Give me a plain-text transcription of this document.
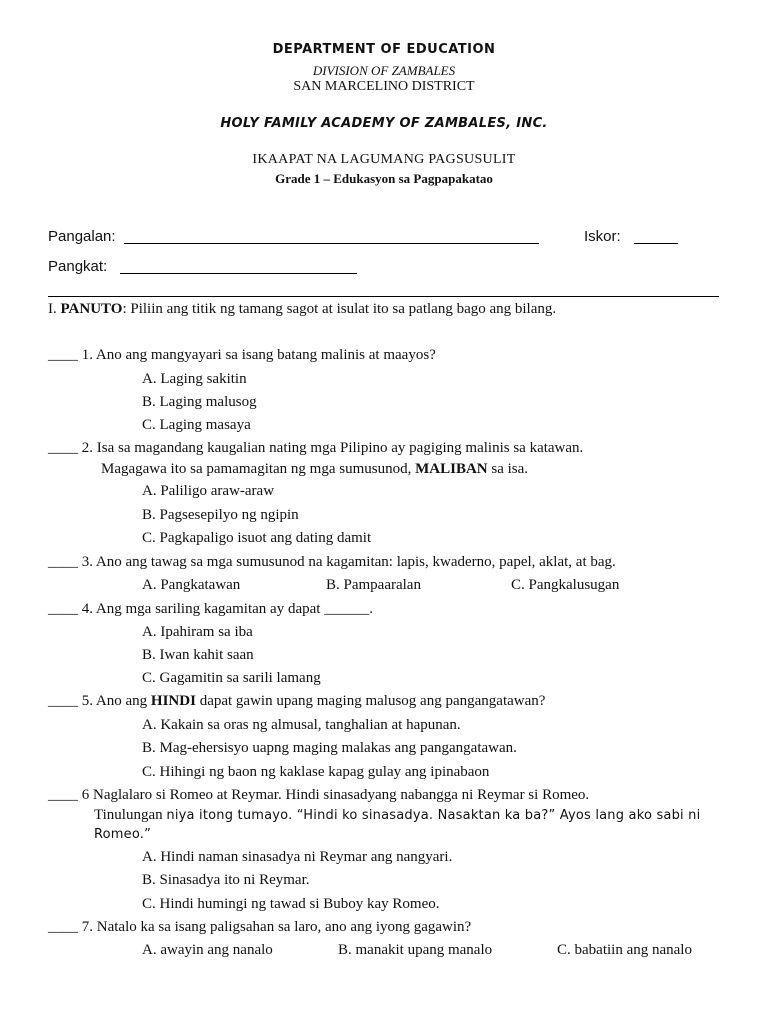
DEPARTMENT OF EDUCATION
DIVISION OF ZAMBALES
SAN MARCELINO DISTRICT
HOLY FAMILY ACADEMY OF ZAMBALES, INC.
IKAAPAT NA LAGUMANG PAGSUSULIT
Grade 1 – Edukasyon sa Pagpapakatao
Pangalan:	Iskor:
Pangkat:
I. PANUTO: Piliin ang titik ng tamang sagot at isulat ito sa patlang bago ang bilang.
____ 1. Ano ang mangyayari sa isang batang malinis at maayos?
A. Laging sakitin
B. Laging malusog
C. Laging masaya
____ 2. Isa sa magandang kaugalian nating mga Pilipino ay pagiging malinis sa katawan.
Magagawa ito sa pamamagitan ng mga sumusunod, MALIBAN sa isa.
A. Paliligo araw-araw
B. Pagsesepilyo ng ngipin
C. Pagkapaligo isuot ang dating damit
____ 3. Ano ang tawag sa mga sumusunod na kagamitan: lapis, kwaderno, papel, aklat, at bag.
A. Pangkatawan	B. Pampaaralan	C. Pangkalusugan
____ 4. Ang mga sariling kagamitan ay dapat ______.
A. Ipahiram sa iba
B. Iwan kahit saan
C. Gagamitin sa sarili lamang
____ 5. Ano ang HINDI dapat gawin upang maging malusog ang pangangatawan?
A. Kakain sa oras ng almusal, tanghalian at hapunan.
B. Mag-ehersisyo uapng maging malakas ang pangangatawan.
C. Hihingi ng baon ng kaklase kapag gulay ang ipinabaon
____ 6 Naglalaro si Romeo at Reymar. Hindi sinasadyang nabangga ni Reymar si Romeo.
Tinulungan niya itong tumayo. “Hindi ko sinasadya. Nasaktan ka ba?” Ayos lang ako sabi ni
Romeo.”
A. Hindi naman sinasadya ni Reymar ang nangyari.
B. Sinasadya ito ni Reymar.
C. Hindi humingi ng tawad si Buboy kay Romeo.
____ 7. Natalo ka sa isang paligsahan sa laro, ano ang iyong gagawin?
A. awayin ang nanalo	B. manakit upang manalo	C. babatiin ang nanalo
